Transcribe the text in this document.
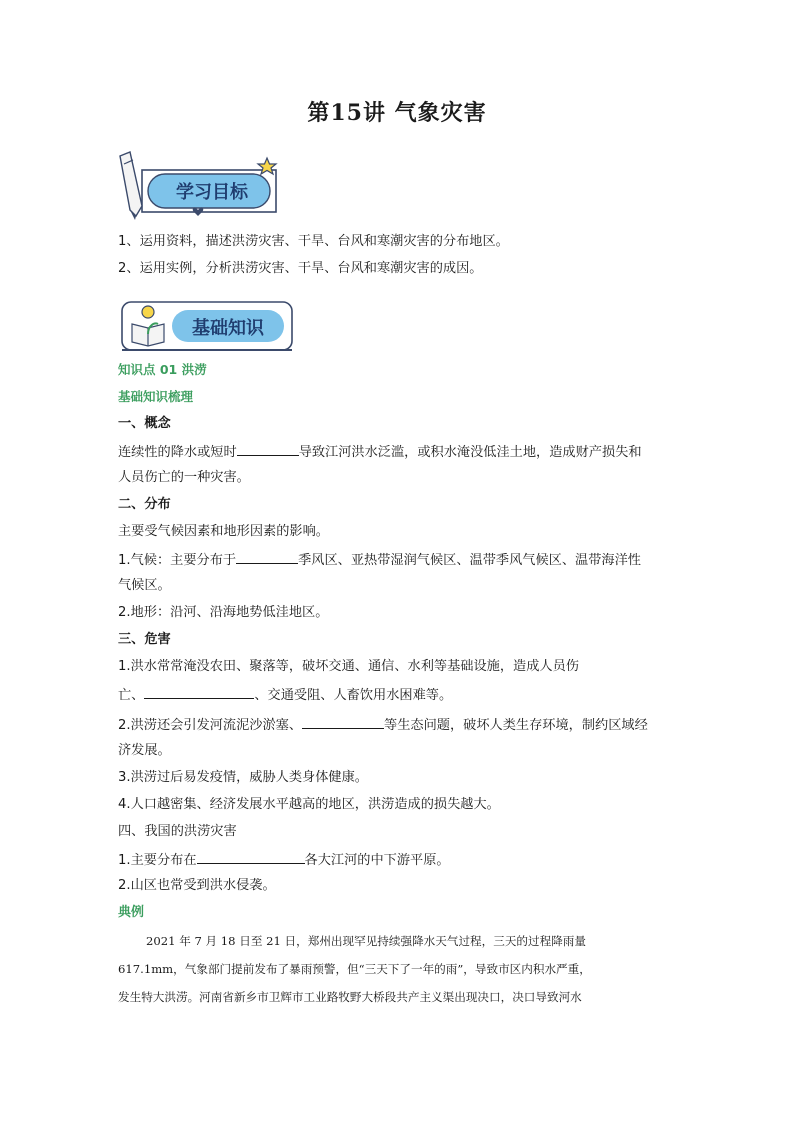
第15讲 气象灾害
学习目标
1、运用资料，描述洪涝灾害、干旱、台风和寒潮灾害的分布地区。
2、运用实例，分析洪涝灾害、干旱、台风和寒潮灾害的成因。
基础知识
知识点 01 洪涝
基础知识梳理
一、概念
连续性的降水或短时	导致江河洪水泛滥，或积水淹没低洼土地，造成财产损失和
人员伤亡的一种灾害。
二、分布
主要受气候因素和地形因素的影响。
1.气候：主要分布于	季风区、亚热带湿润气候区、温带季风气候区、温带海洋性
气候区。
2.地形：沿河、沿海地势低洼地区。
三、危害
1.洪水常常淹没农田、聚落等，破坏交通、通信、水利等基础设施，造成人员伤
亡、	、交通受阻、人畜饮用水困难等。
2.洪涝还会引发河流泥沙淤塞、	等生态问题，破坏人类生存环境，制约区域经
济发展。
3.洪涝过后易发疫情，威胁人类身体健康。
4.人口越密集、经济发展水平越高的地区，洪涝造成的损失越大。
四、我国的洪涝灾害
1.主要分布在	各大江河的中下游平原。
2.山区也常受到洪水侵袭。
典例
2021 年 7 月 18 日至 21 日，郑州出现罕见持续强降水天气过程，三天的过程降雨量
617.1mm，气象部门提前发布了暴雨预警，但“三天下了一年的雨”，导致市区内积水严重，
发生特大洪涝。河南省新乡市卫辉市工业路牧野大桥段共产主义渠出现决口，决口导致河水
